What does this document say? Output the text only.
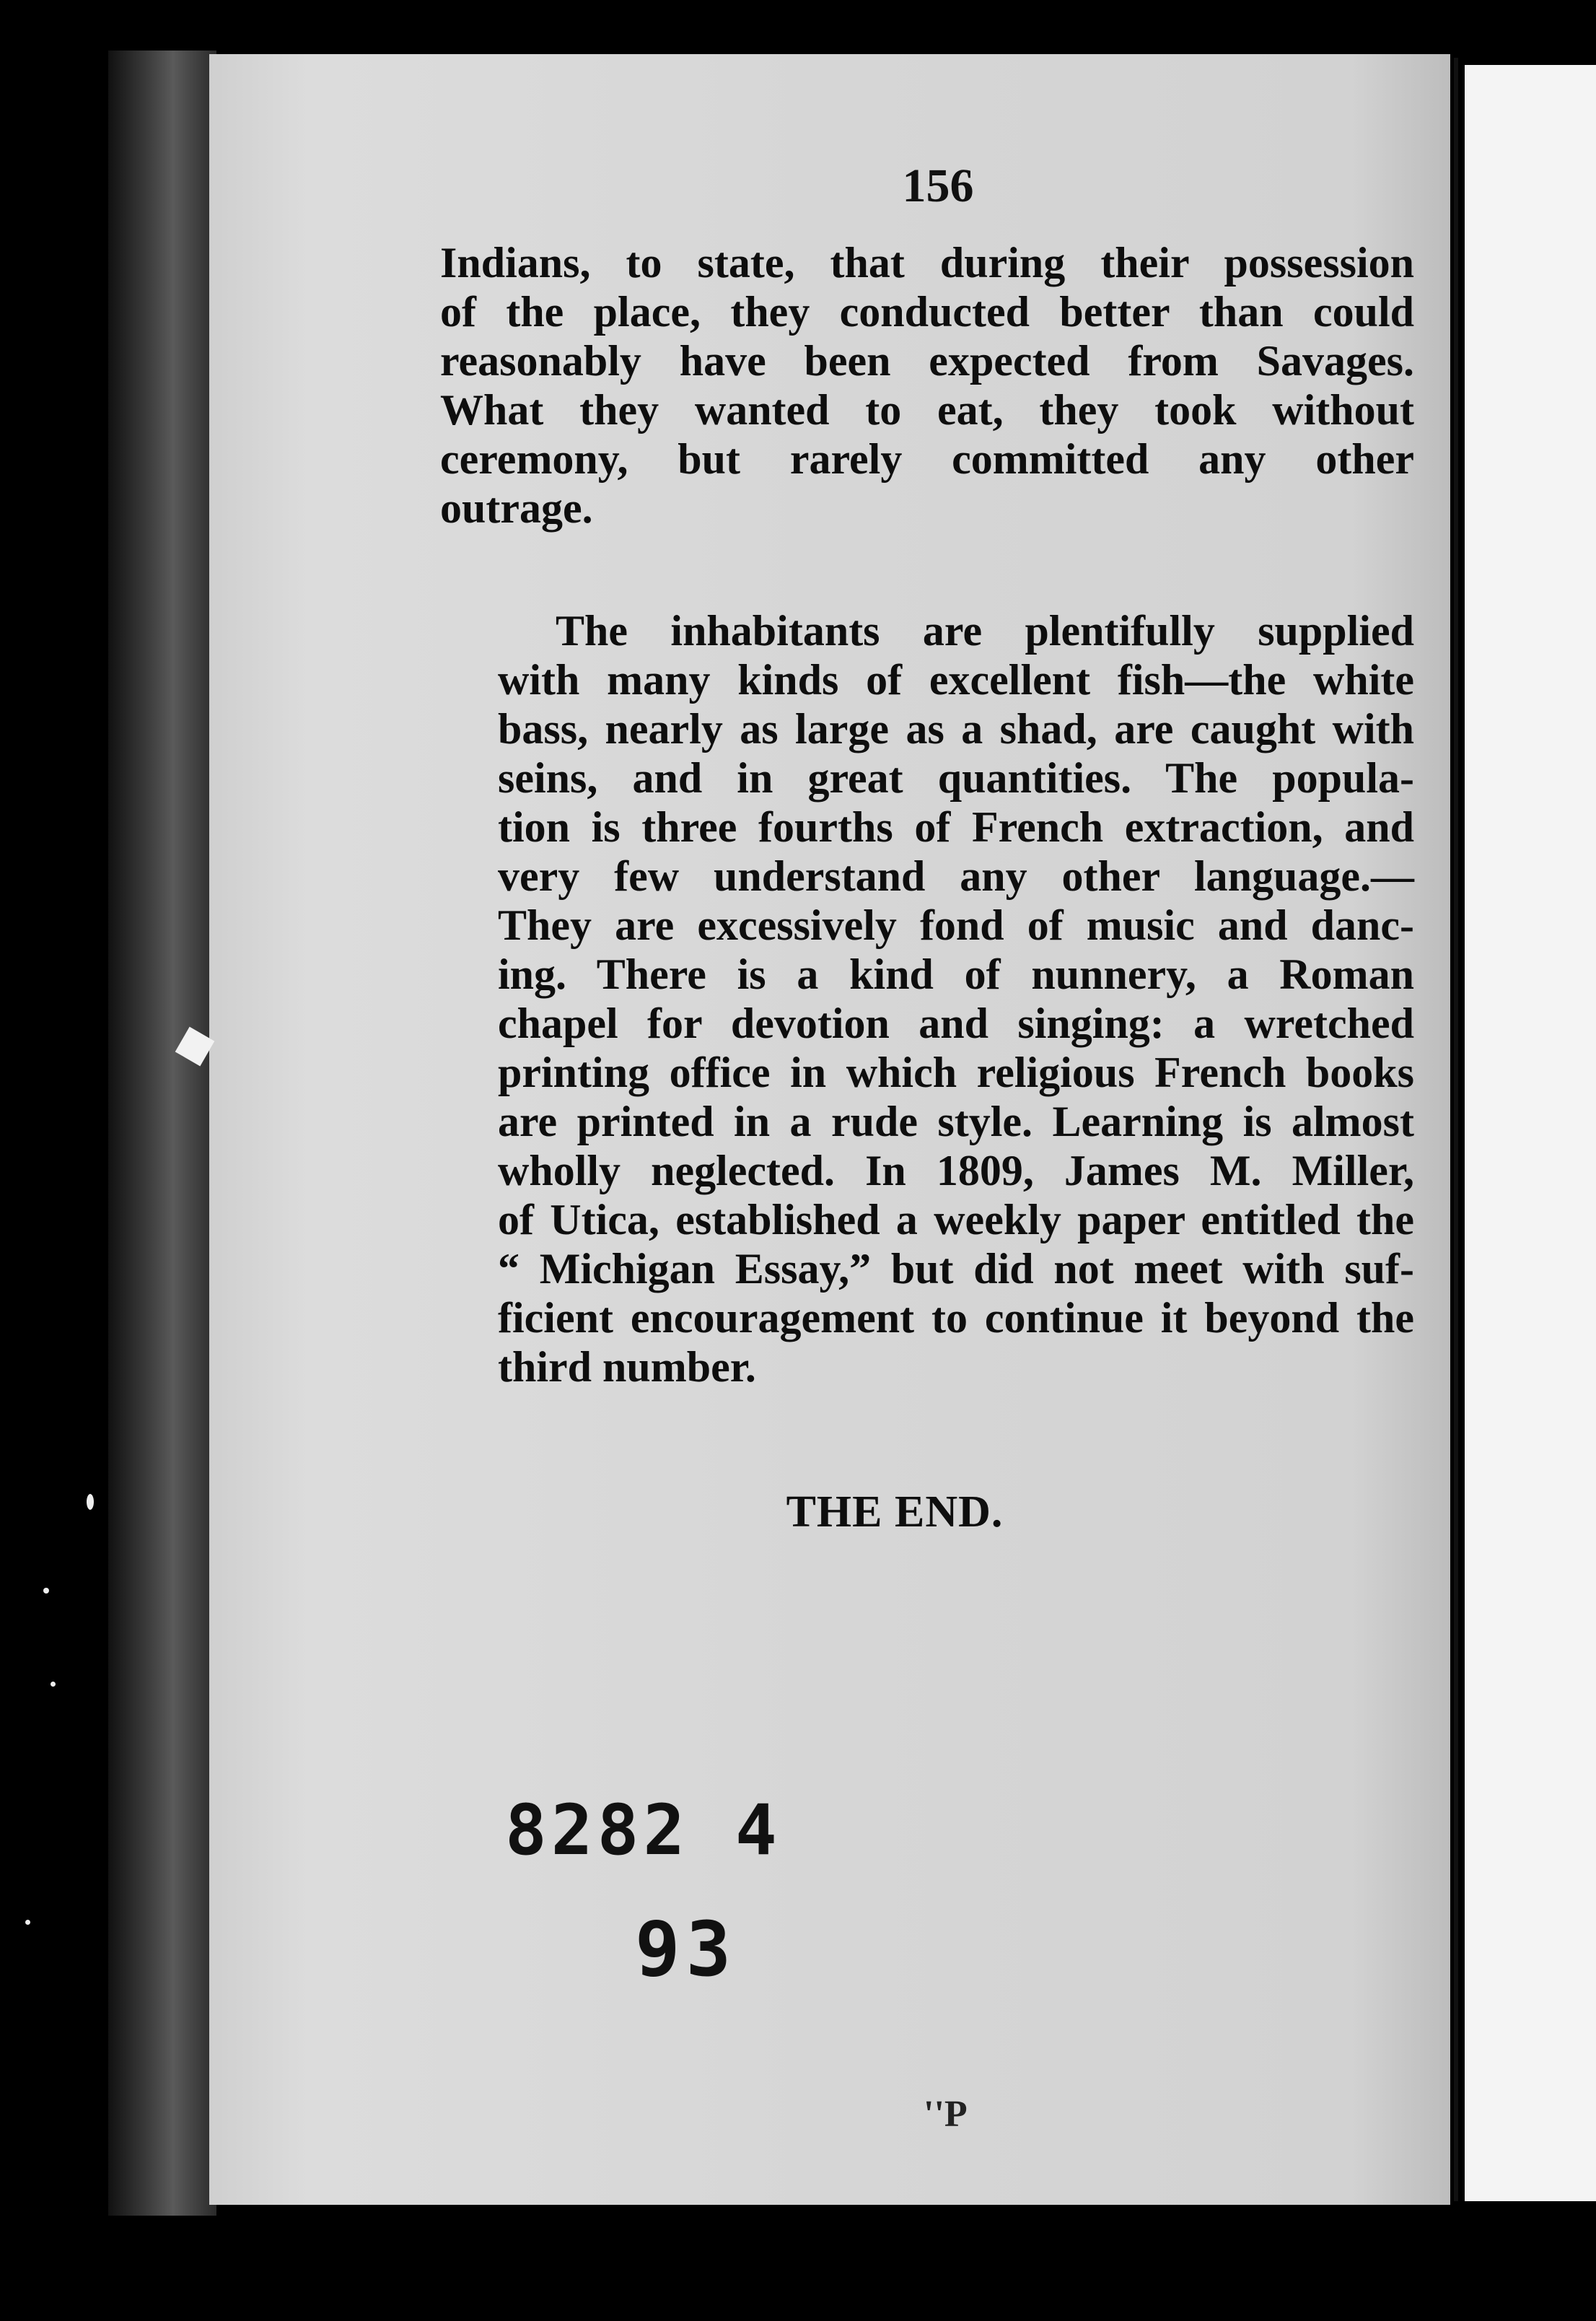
156

Indians, to state, that during their possession
of the place, they conducted better than could
reasonably have been expected from Savages.
What they wanted to eat, they took without
ceremony, but rarely committed any other
outrage.

The inhabitants are plentifully supplied
with many kinds of excellent fish—the white
bass, nearly as large as a shad, are caught with
seins, and in great quantities. The popula-
tion is three fourths of French extraction, and
very few understand any other language.—
They are excessively fond of music and danc-
ing. There is a kind of nunnery, a Roman
chapel for devotion and singing: a wretched
printing office in which religious French books
are printed in a rude style. Learning is almost
wholly neglected. In 1809, James M. Miller,
of Utica, established a weekly paper entitled the
“ Michigan Essay,” but did not meet with suf-
ficient encouragement to continue it beyond the
third number.

THE END.
8282 4
93
''P
